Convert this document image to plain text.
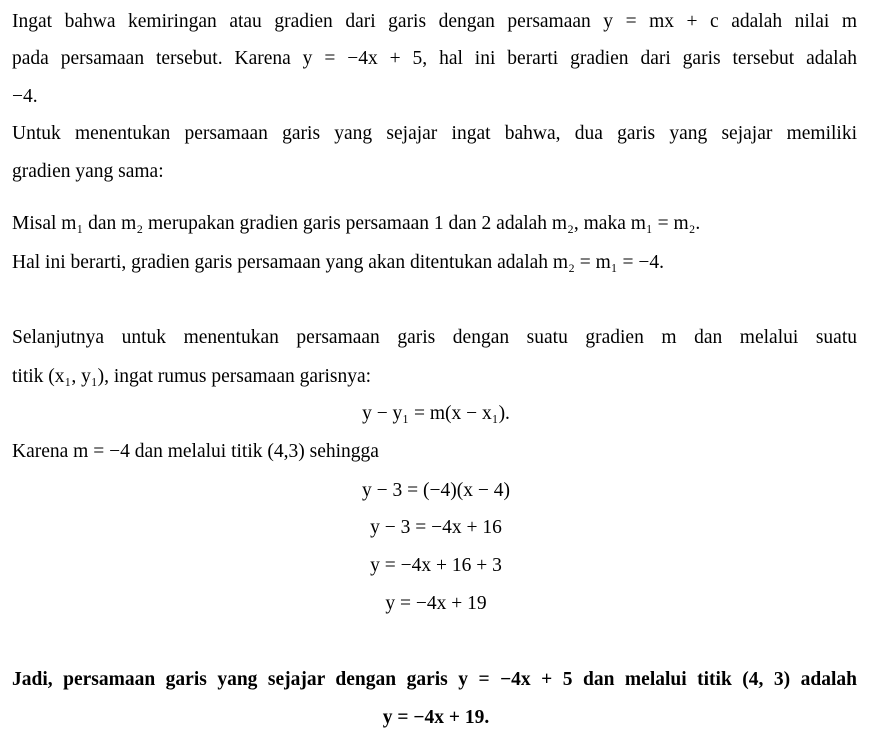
Ingat bahwa kemiringan atau gradien dari garis dengan persamaan y = mx + c adalah nilai m
pada persamaan tersebut. Karena y = −4x + 5, hal ini berarti gradien dari garis tersebut adalah
−4.
Untuk menentukan persamaan garis yang sejajar ingat bahwa, dua garis yang sejajar memiliki
gradien yang sama:
Misal m₁ dan m₂ merupakan gradien garis persamaan 1 dan 2 adalah m₂, maka m₁ = m₂.
Hal ini berarti, gradien garis persamaan yang akan ditentukan adalah m₂ = m₁ = −4.
Selanjutnya untuk menentukan persamaan garis dengan suatu gradien m dan melalui suatu
titik (x₁, y₁), ingat rumus persamaan garisnya:
y − y₁ = m(x − x₁).
Karena m = −4 dan melalui titik (4,3) sehingga
y − 3 = (−4)(x − 4)
y − 3 = −4x + 16
y = −4x + 16 + 3
y = −4x + 19
Jadi, persamaan garis yang sejajar dengan garis y = −4x + 5 dan melalui titik (4, 3) adalah
y = −4x + 19.
